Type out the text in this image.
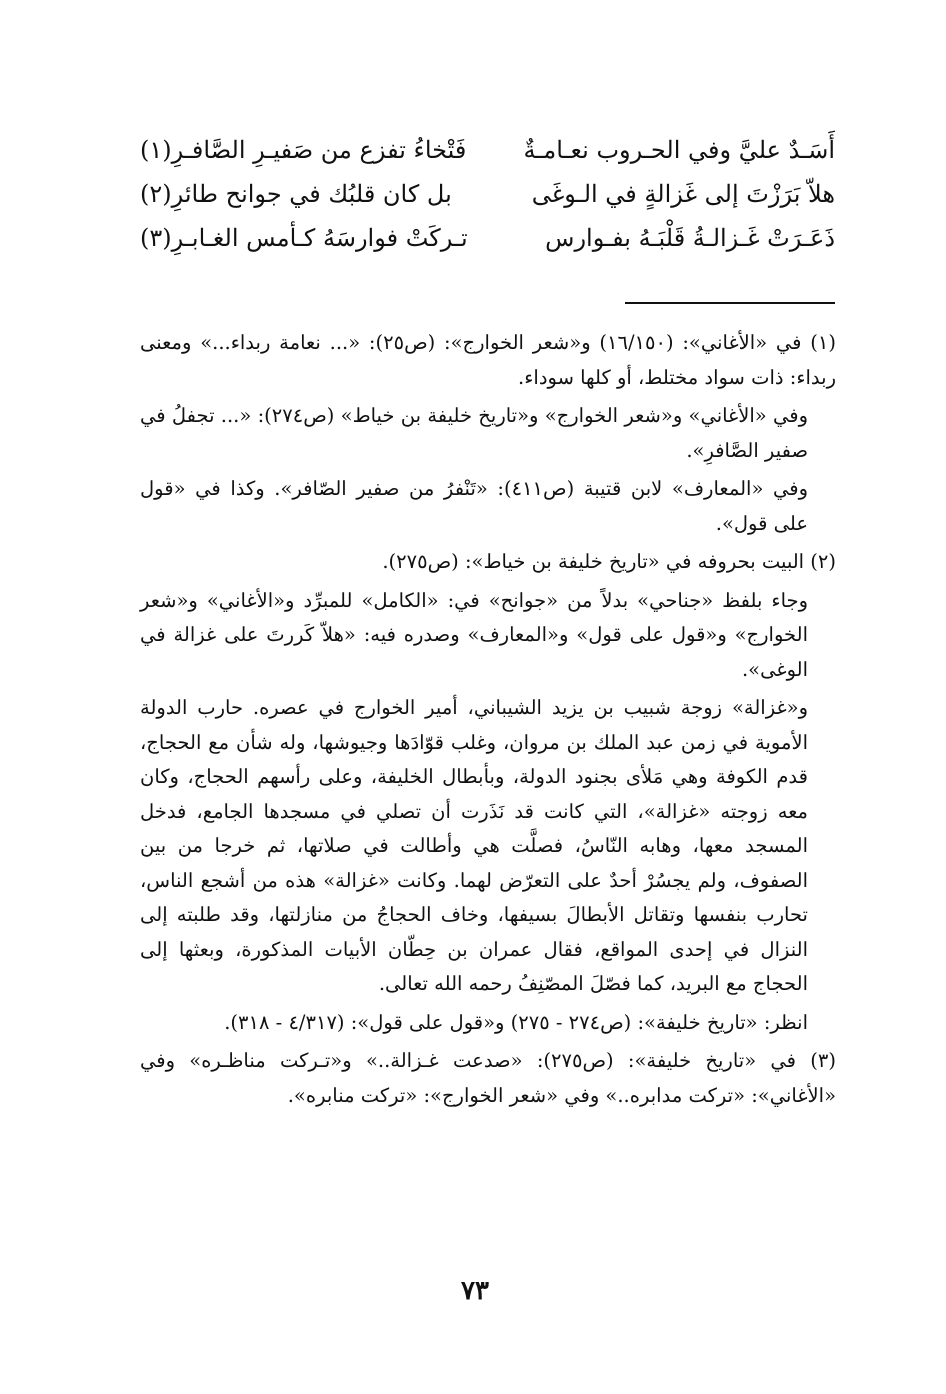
أَسَـدٌ عليَّ وفي الحـروب نعـامـةٌ
فَتْخاءُ تفزع من صَفيـرِ الصَّافـرِ(١)
هلاّ بَرَزْتَ إلى غَزالةٍ في الـوغَى
بل كان قلبُك في جوانح طائرِ(٢)
ذَعَـرَتْ غَـزالـةُ قَلْبَـهُ بفـوارس
تـركَتْ فوارسَهُ كـأمس الغـابـرِ(٣)

(١) في «الأغاني»: (١٦/١٥٠) و«شعر الخوارج»: (ص٢٥): «... نعامة ربداء...» ومعنى ربداء: ذات سواد مختلط، أو كلها سوداء.

وفي «الأغاني» و«شعر الخوارج» و«تاريخ خليفة بن خياط» (ص٢٧٤): «... تجفلُ في صفير الصَّافرِ».

وفي «المعارف» لابن قتيبة (ص٤١١): «تَنْفرُ من صفير الصّافر». وكذا في «قول على قول».

(٢) البيت بحروفه في «تاريخ خليفة بن خياط»: (ص٢٧٥).

وجاء بلفظ «جناحي» بدلاً من «جوانح» في: «الكامل» للمبرِّد و«الأغاني» و«شعر الخوارج» و«قول على قول» و«المعارف» وصدره فيه: «هلاّ كَررتَ على غزالة في الوغى».

و«غزالة» زوجة شبيب بن يزيد الشيباني، أمير الخوارج في عصره. حارب الدولة الأموية في زمن عبد الملك بن مروان، وغلب قوّادَها وجيوشها، وله شأن مع الحجاج، قدم الكوفة وهي مَلأى بجنود الدولة، وبأبطال الخليفة، وعلى رأسهم الحجاج، وكان معه زوجته «غزالة»، التي كانت قد نَذَرت أن تصلي في مسجدها الجامع، فدخل المسجد معها، وهابه النّاسُ، فصلَّت هي وأطالت في صلاتها، ثم خرجا من بين الصفوف، ولم يجسُرْ أحدٌ على التعرّض لهما. وكانت «غزالة» هذه من أشجع الناس، تحارب بنفسها وتقاتل الأبطالَ بسيفها، وخاف الحجاجُ من منازلتها، وقد طلبته إلى النزال في إحدى المواقع، فقال عمران بن حِطّان الأبيات المذكورة، وبعثها إلى الحجاج مع البريد، كما فصّلَ المصّنِفُ رحمه الله تعالى.

انظر: «تاريخ خليفة»: (ص٢٧٤ - ٢٧٥) و«قول على قول»: (٤/٣١٧ - ٣١٨).

(٣) في «تاريخ خليفة»: (ص٢٧٥): «صدعت غـزالة..» و«تـركت مناظـره» وفي «الأغاني»: «تركت مدابره..» وفي «شعر الخوارج»: «تركت منابره».

٧٣
